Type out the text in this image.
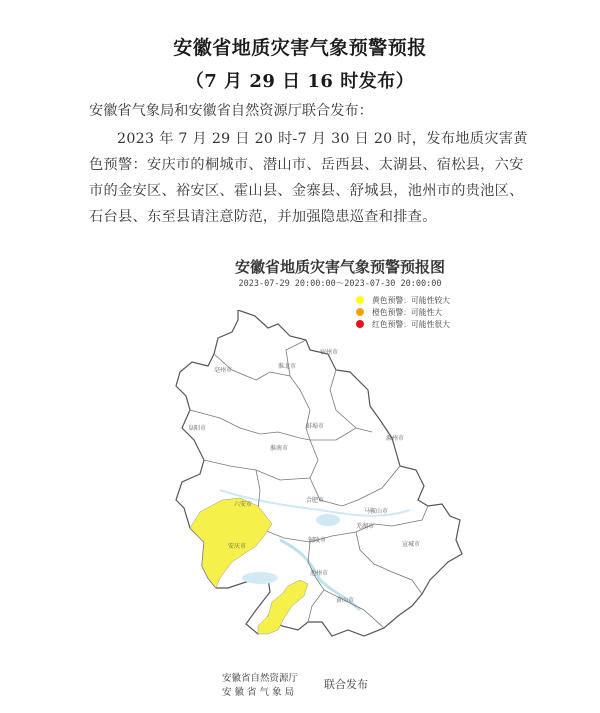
安徽省地质灾害气象预警预报
（7 月 29 日 16 时发布）
安徽省气象局和安徽省自然资源厅联合发布：
2023 年 7 月 29 日 20 时-7 月 30 日 20 时，发布地质灾害黄色预警：安庆市的桐城市、潜山市、岳西县、太湖县、宿松县，六安市的金安区、裕安区、霍山县、金寨县、舒城县，池州市的贵池区、石台县、东至县请注意防范，并加强隐患巡查和排查。
安徽省地质灾害气象预警预报图
2023-07-29 20:00:00～2023-07-30 20:00:00
黄色预警：可能性较大
橙色预警：可能性大
红色预警：可能性很大
宿州市
淮北市
亳州市
阜阳市	蚌埠市
淮南市
滁州市
六安市
合肥市
马鞍山市
芜湖市
宣城市
铜陵市
安庆市
池州市
黄山市
安徽省自然资源厅
安 徽 省 气 象 局
联合发布
